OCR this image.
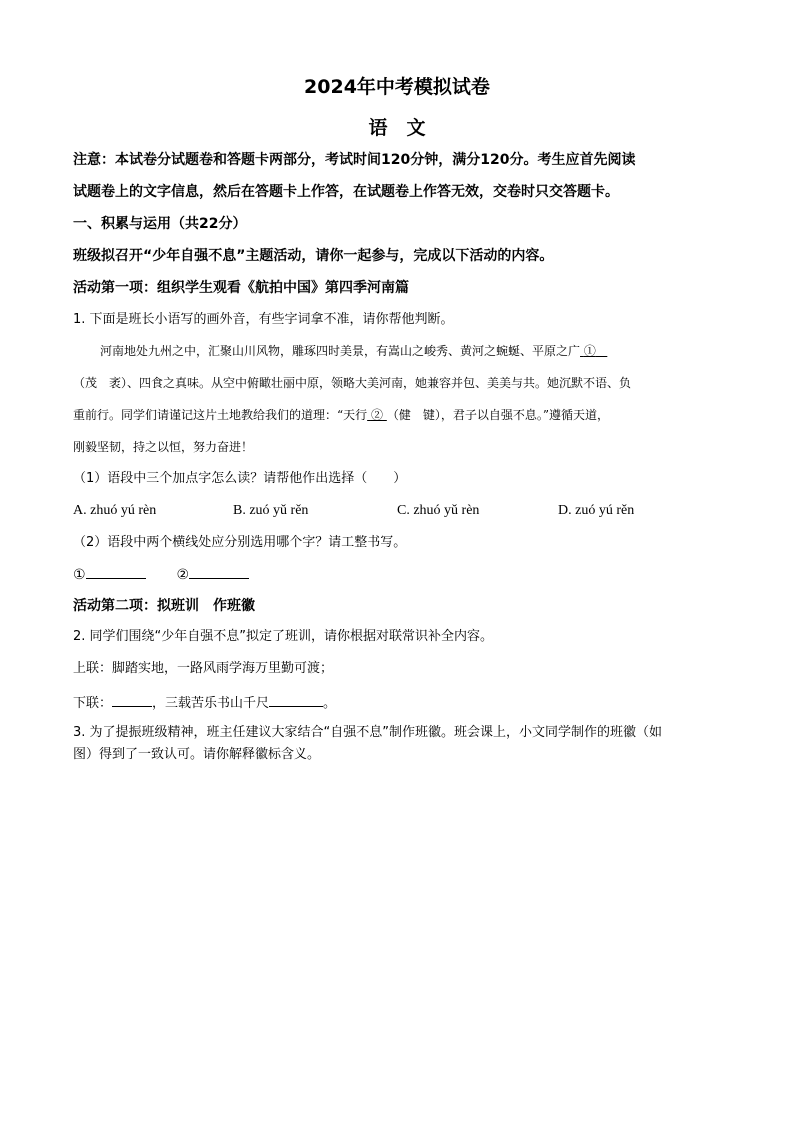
2024年中考模拟试卷
语　文
注意：本试卷分试题卷和答题卡两部分，考试时间120分钟，满分120分。考生应首先阅读
试题卷上的文字信息，然后在答题卡上作答，在试题卷上作答无效，交卷时只交答题卡。
一、积累与运用（共22分）
班级拟召开“少年自强不息”主题活动，请你一起参与，完成以下活动的内容。
活动第一项：组织学生观看《航拍中国》第四季河南篇
1. 下面是班长小语写的画外音，有些字词拿不准，请你帮他判断。
河南地处九州之中，汇聚山川风物，雕琢四时美景，有嵩山之峻秀、黄河之蜿蜒、平原之广 ①
（茂　袤）、四食之真味。从空中俯瞰壮丽中原，领略大美河南，她兼容并包、美美与共。她沉默不语、负
重前行。同学们请谨记这片土地教给我们的道理：“天行 ② （健　键），君子以自强不息。”遵循天道，
刚毅坚韧，持之以恒，努力奋进！
（1）语段中三个加点字怎么读？请帮他作出选择（　　）
A. zhuó yú rèn	B. zuó yǔ rěn	C. zhuó yǔ rèn	D. zuó yú rěn
（2）语段中两个横线处应分别选用哪个字？请工整书写。
①	②
活动第二项：拟班训　作班徽
2. 同学们围绕“少年自强不息”拟定了班训，请你根据对联常识补全内容。
上联：脚踏实地，一路风雨学海万里勤可渡；
下联：	，三载苦乐书山千尺	。
3. 为了提振班级精神，班主任建议大家结合“自强不息”制作班徽。班会课上，小文同学制作的班徽（如
图）得到了一致认可。请你解释徽标含义。
